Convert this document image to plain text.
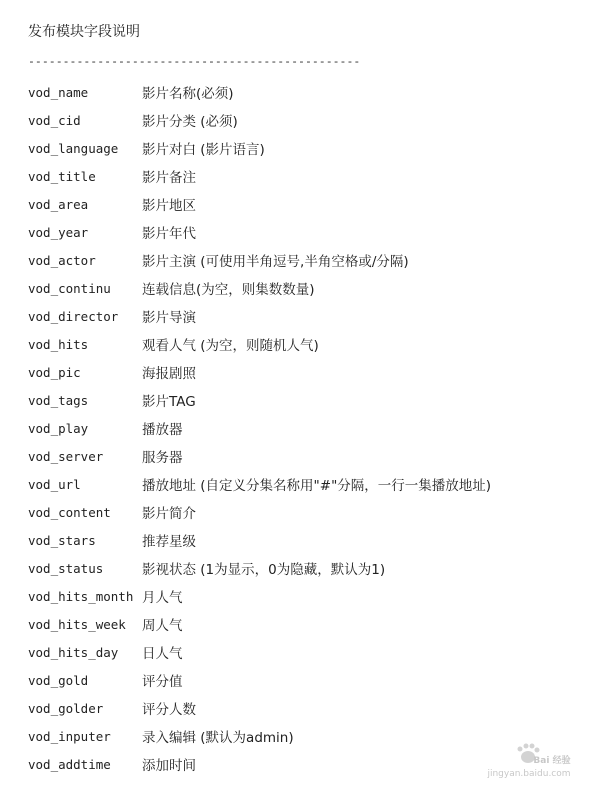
发布模块字段说明
------------------------------------------------
vod_name	影片名称(必须)
vod_cid	影片分类 (必须)
vod_language	影片对白 (影片语言)
vod_title	影片备注
vod_area	影片地区
vod_year	影片年代
vod_actor	影片主演 (可使用半角逗号,半角空格或/分隔)
vod_continu	连载信息(为空，则集数数量)
vod_director	影片导演
vod_hits	观看人气 (为空，则随机人气)
vod_pic	海报剧照
vod_tags	影片TAG
vod_play	播放器
vod_server	服务器
vod_url	播放地址 (自定义分集名称用"#"分隔，一行一集播放地址)
vod_content	影片简介
vod_stars	推荐星级
vod_status	影视状态 (1为显示，0为隐藏，默认为1)
vod_hits_month 月人气
vod_hits_week	周人气
vod_hits_day	日人气
vod_gold	评分值
vod_golder	评分人数
vod_inputer	录入编辑 (默认为admin)
vod_addtime	添加时间	Bai 经验
jingyan.baidu.com
